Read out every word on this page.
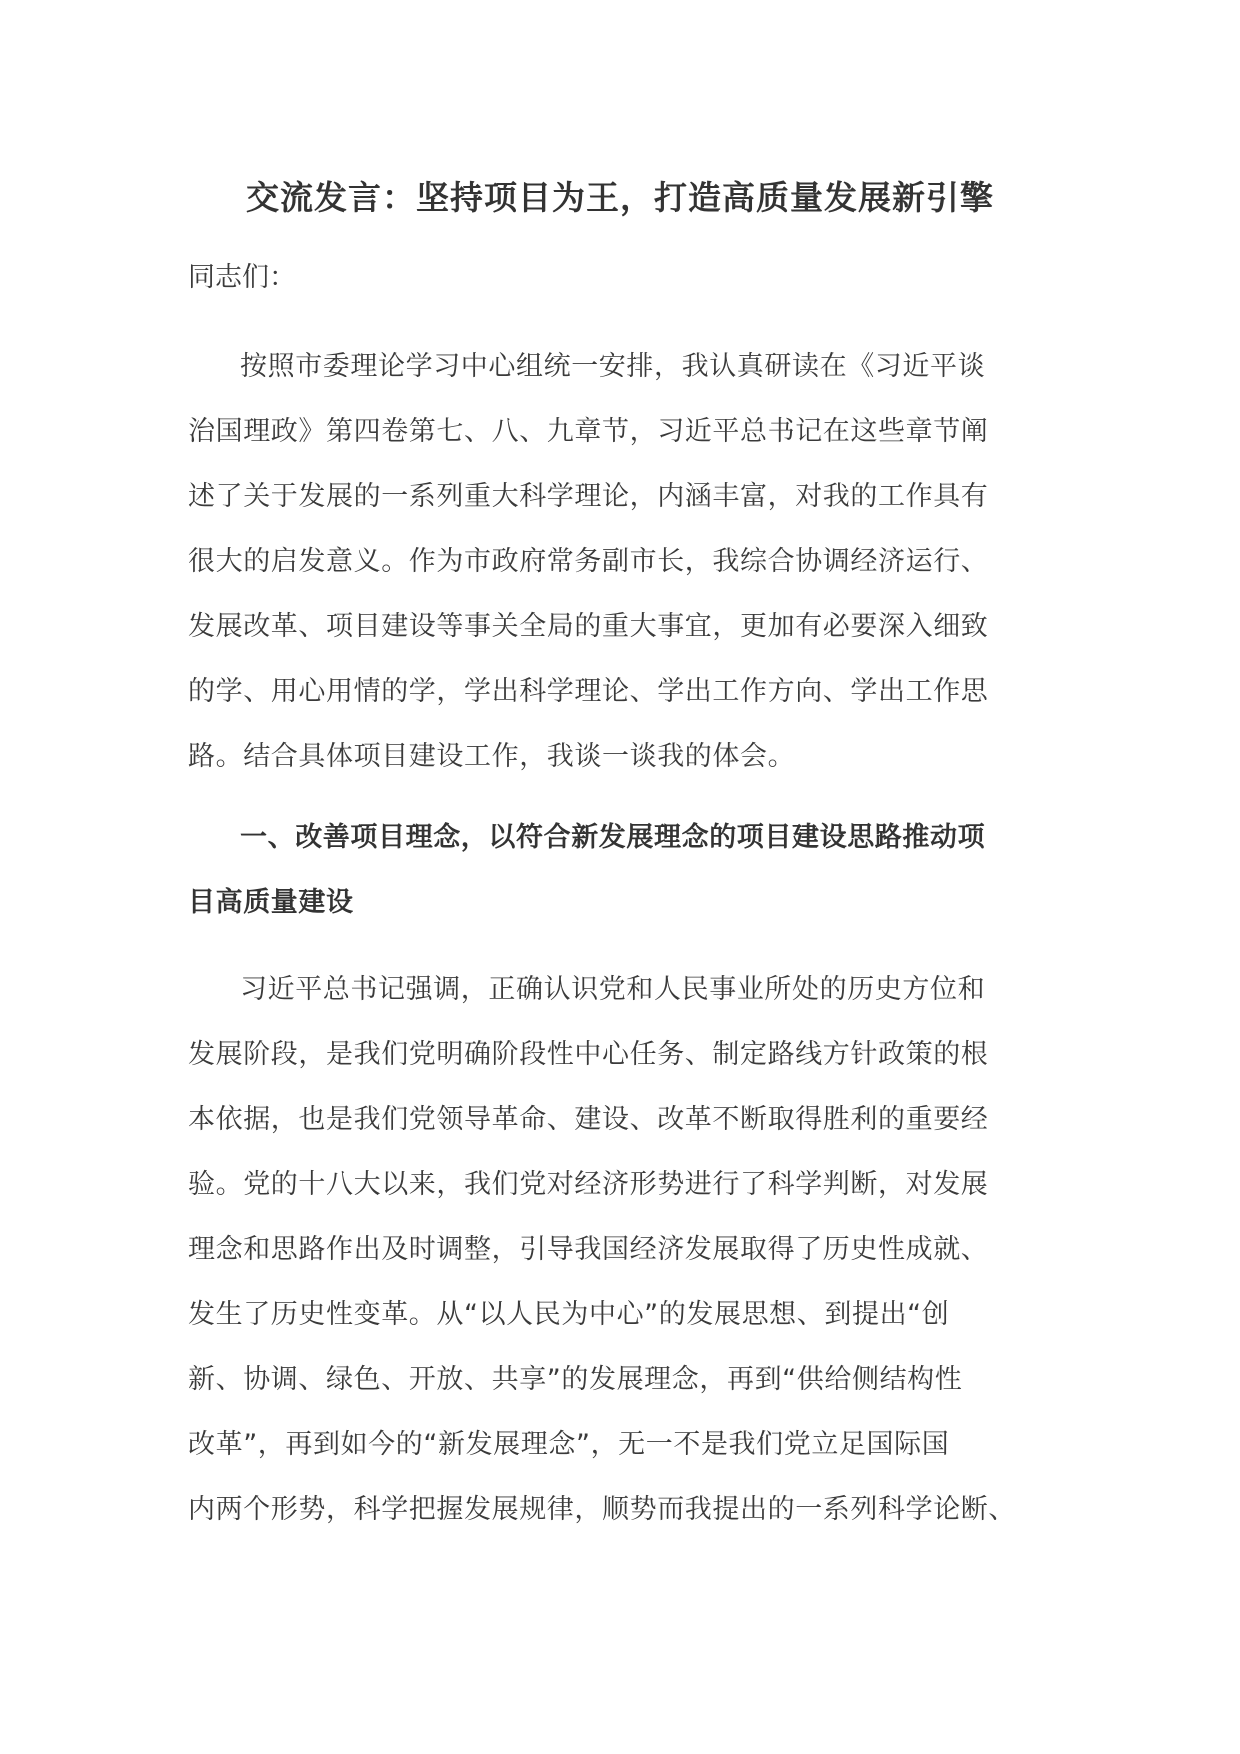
交流发言：坚持项目为王，打造高质量发展新引擎

同志们：

按照市委理论学习中心组统一安排，我认真研读在《习近平谈
治国理政》第四卷第七、八、九章节，习近平总书记在这些章节阐
述了关于发展的一系列重大科学理论，内涵丰富，对我的工作具有
很大的启发意义。作为市政府常务副市长，我综合协调经济运行、
发展改革、项目建设等事关全局的重大事宜，更加有必要深入细致
的学、用心用情的学，学出科学理论、学出工作方向、学出工作思
路。结合具体项目建设工作，我谈一谈我的体会。
一、改善项目理念，以符合新发展理念的项目建设思路推动项
目高质量建设
习近平总书记强调，正确认识党和人民事业所处的历史方位和
发展阶段，是我们党明确阶段性中心任务、制定路线方针政策的根
本依据，也是我们党领导革命、建设、改革不断取得胜利的重要经
验。党的十八大以来，我们党对经济形势进行了科学判断，对发展
理念和思路作出及时调整，引导我国经济发展取得了历史性成就、
发生了历史性变革。从“以人民为中心”的发展思想、到提出“创
新、协调、绿色、开放、共享”的发展理念，再到“供给侧结构性
改革”，再到如今的“新发展理念”，无一不是我们党立足国际国
内两个形势，科学把握发展规律，顺势而我提出的一系列科学论断、
